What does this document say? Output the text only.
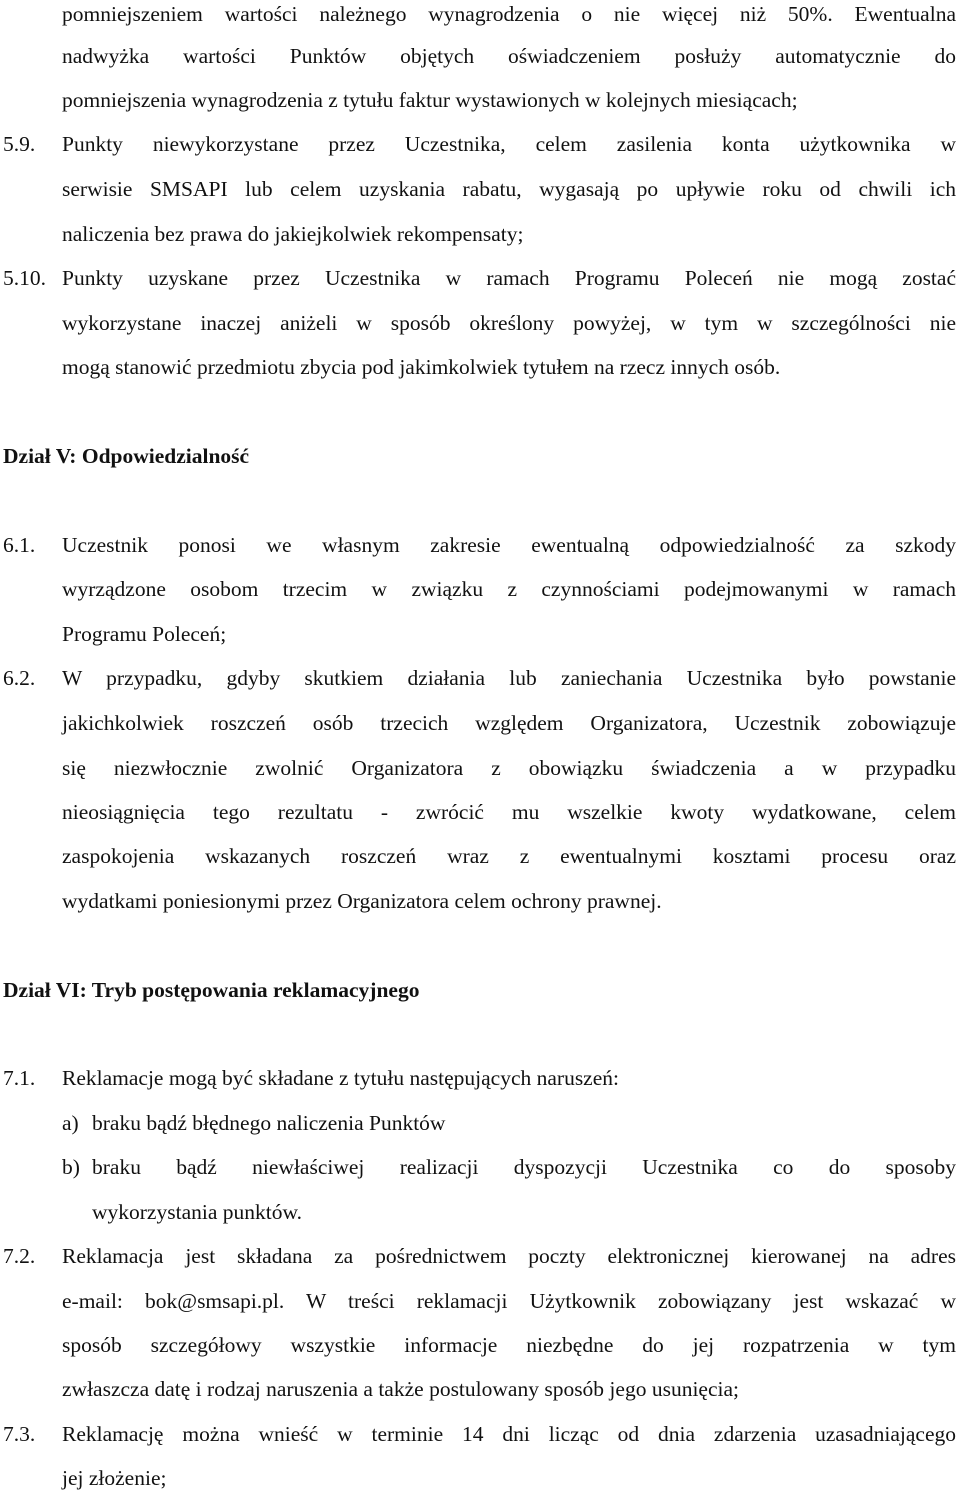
pomniejszeniem wartości należnego wynagrodzenia o nie więcej niż 50%. Ewentualna
nadwyżka wartości Punktów objętych oświadczeniem posłuży automatycznie do
pomniejszenia wynagrodzenia z tytułu faktur wystawionych w kolejnych miesiącach;
5.9. Punkty niewykorzystane przez Uczestnika, celem zasilenia konta użytkownika w
serwisie SMSAPI lub celem uzyskania rabatu, wygasają po upływie roku od chwili ich
naliczenia bez prawa do jakiejkolwiek rekompensaty;
5.10. Punkty uzyskane przez Uczestnika w ramach Programu Poleceń nie mogą zostać
wykorzystane inaczej aniżeli w sposób określony powyżej, w tym w szczególności nie
mogą stanowić przedmiotu zbycia pod jakimkolwiek tytułem na rzecz innych osób.
Dział V: Odpowiedzialność
6.1. Uczestnik ponosi we własnym zakresie ewentualną odpowiedzialność za szkody
wyrządzone osobom trzecim w związku z czynnościami podejmowanymi w ramach
Programu Poleceń;
6.2. W przypadku, gdyby skutkiem działania lub zaniechania Uczestnika było powstanie
jakichkolwiek roszczeń osób trzecich względem Organizatora, Uczestnik zobowiązuje
się niezwłocznie zwolnić Organizatora z obowiązku świadczenia a w przypadku
nieosiągnięcia tego rezultatu - zwrócić mu wszelkie kwoty wydatkowane, celem
zaspokojenia wskazanych roszczeń wraz z ewentualnymi kosztami procesu oraz
wydatkami poniesionymi przez Organizatora celem ochrony prawnej.
Dział VI: Tryb postępowania reklamacyjnego
7.1. Reklamacje mogą być składane z tytułu następujących naruszeń:
a) braku bądź błędnego naliczenia Punktów
b) braku bądź niewłaściwej realizacji dyspozycji Uczestnika co do sposoby
wykorzystania punktów.
7.2. Reklamacja jest składana za pośrednictwem poczty elektronicznej kierowanej na adres
e-mail: bok@smsapi.pl. W treści reklamacji Użytkownik zobowiązany jest wskazać w
sposób szczegółowy wszystkie informacje niezbędne do jej rozpatrzenia w tym
zwłaszcza datę i rodzaj naruszenia a także postulowany sposób jego usunięcia;
7.3. Reklamację można wnieść w terminie 14 dni licząc od dnia zdarzenia uzasadniającego
jej złożenie;
